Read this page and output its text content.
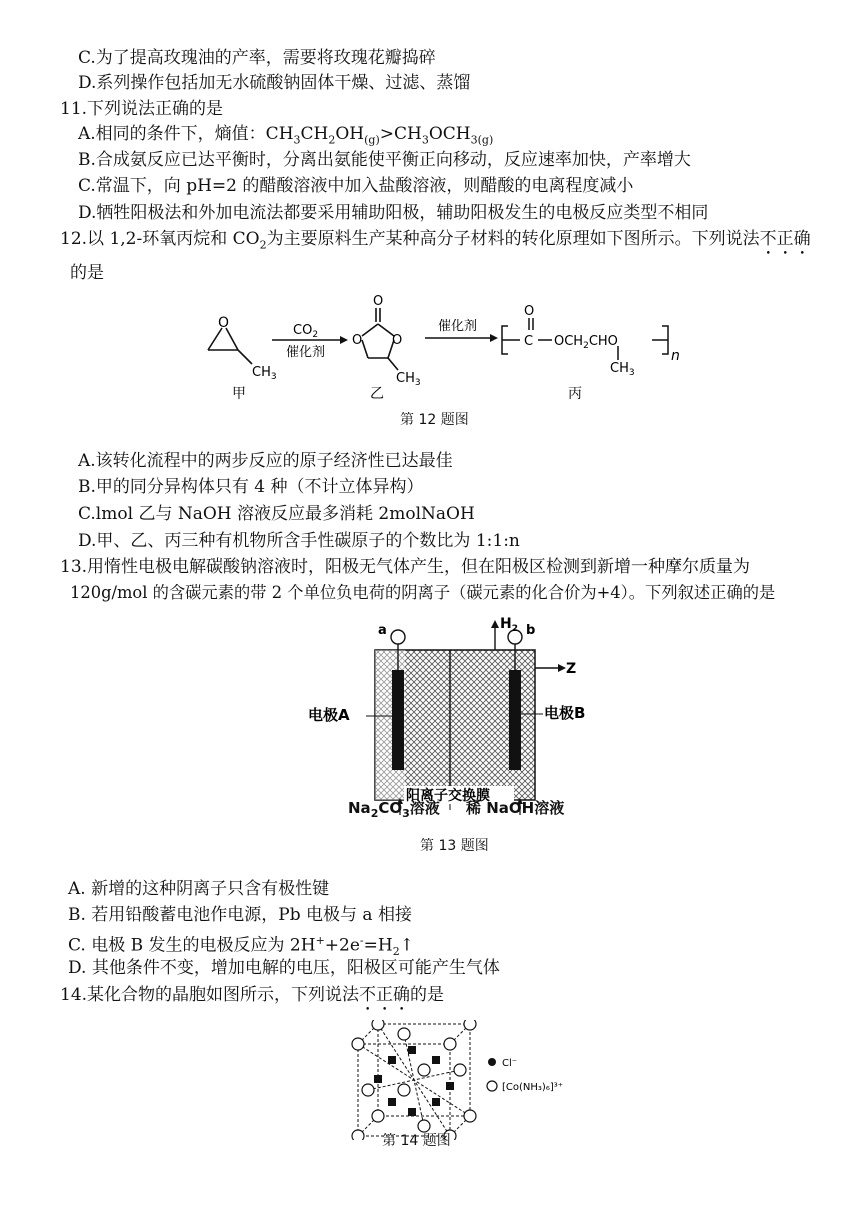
C.为了提高玫瑰油的产率，需要将玫瑰花瓣捣碎
D.系列操作包括加无水硫酸钠固体干燥、过滤、蒸馏
11.下列说法正确的是
A.相同的条件下，熵值：$CH_3CH_2OH_{(g)}>CH_3OCH_{3(g)}$
B.合成氨反应已达平衡时，分离出氨能使平衡正向移动，反应速率加快，产率增大
C.常温下，向 pH=2 的醋酸溶液中加入盐酸溶液，则醋酸的电离程度减小
D.牺牲阳极法和外加电流法都要采用辅助阳极，辅助阳极发生的电极反应类型不相同
12.以 1,2-环氧丙烷和 $CO_2$为主要原料生产某种高分子材料的转化原理如下图所示。下列说法不正确
的是
O
$CH_3$
$CO_2$
催化剂
O
O O
$CH_3$
催化剂
O
C $OCH_2CHO$
$CH_3$
n
甲	乙	丙
第 12 题图
A.该转化流程中的两步反应的原子经济性已达最佳
B.甲的同分异构体只有 4 种（不计立体异构）
C.lmol 乙与 NaOH 溶液反应最多消耗 2molNaOH
D.甲、乙、丙三种有机物所含手性碳原子的个数比为 1:1:n
13.用惰性电极电解碳酸钠溶液时，阳极无气体产生，但在阳极区检测到新增一种摩尔质量为
120g/mol 的含碳元素的带 2 个单位负电荷的阴离子（碳元素的化合价为+4）。下列叙述正确的是
a	b
$H_2$
Z
电极A	电极B
阳离子交换膜
$Na_2CO_3$溶液 稀 NaOH溶液
第 13 题图
A. 新增的这种阴离子只含有极性键
B. 若用铅酸蓄电池作电源，Pb 电极与 a 相接
C. 电极 B 发生的电极反应为 $2H^++2e^-=H_2↑$
D. 其他条件不变，增加电解的电压，阳极区可能产生气体
14.某化合物的晶胞如图所示，下列说法不正确的是
Cl⁻
[Co(NH₃)₆]³⁺
第 14 题图
